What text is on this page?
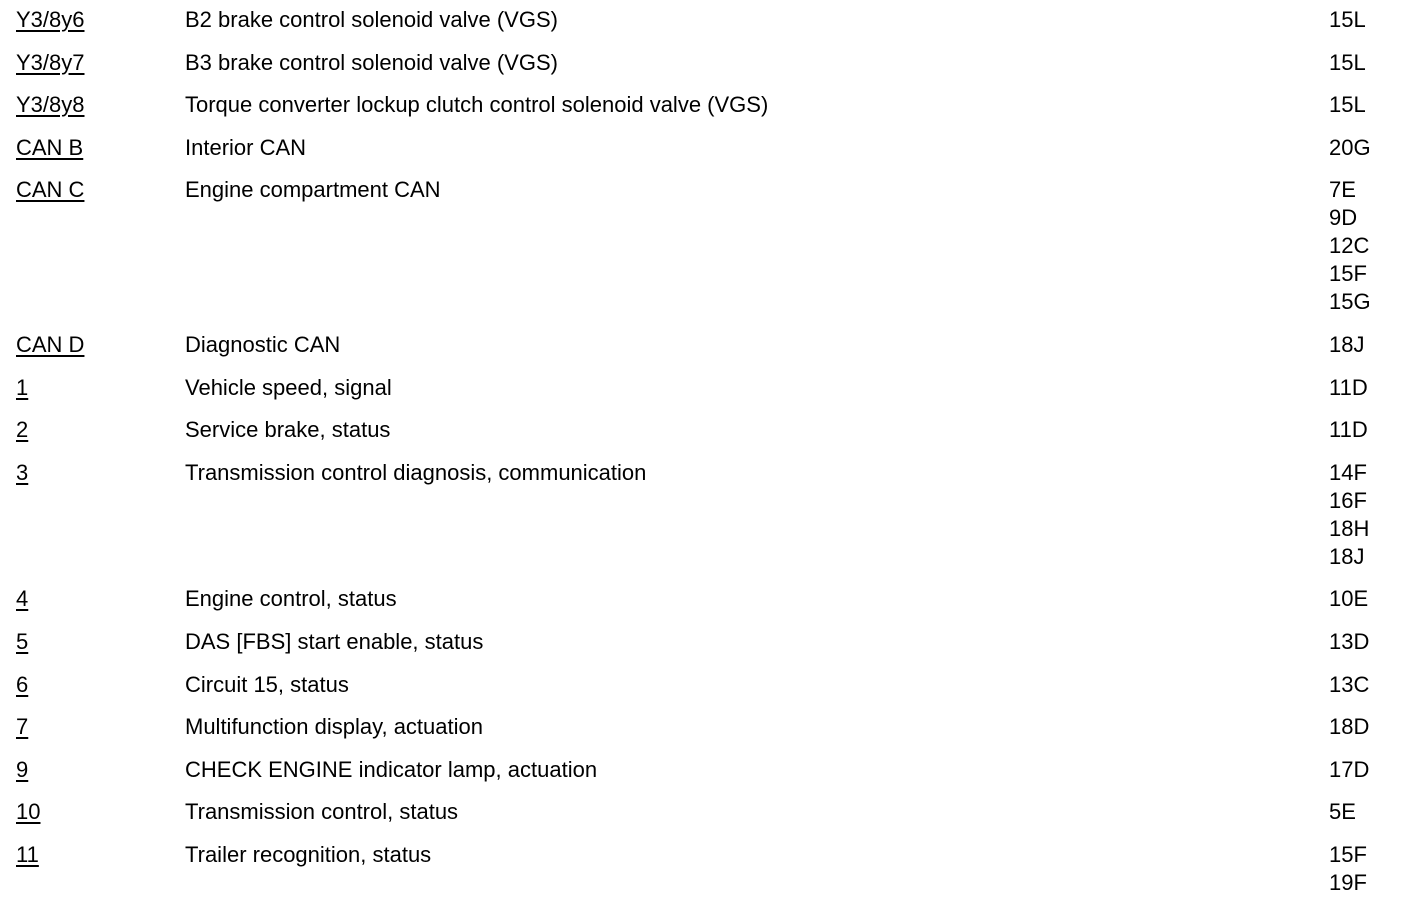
Y3/8y6	B2 brake control solenoid valve (VGS)	15L
Y3/8y7	B3 brake control solenoid valve (VGS)	15L
Y3/8y8	Torque converter lockup clutch control solenoid valve (VGS)	15L
CAN B	Interior CAN	20G
CAN C	Engine compartment CAN	7E
9D
12C
15F
15G
CAN D	Diagnostic CAN	18J
1	Vehicle speed, signal	11D
2	Service brake, status	11D
3	Transmission control diagnosis, communication	14F
16F
18H
18J
4	Engine control, status	10E
5	DAS [FBS] start enable, status	13D
6	Circuit 15, status	13C
7	Multifunction display, actuation	18D
9	CHECK ENGINE indicator lamp, actuation	17D
10	Transmission control, status	5E
11	Trailer recognition, status	15F
19F
